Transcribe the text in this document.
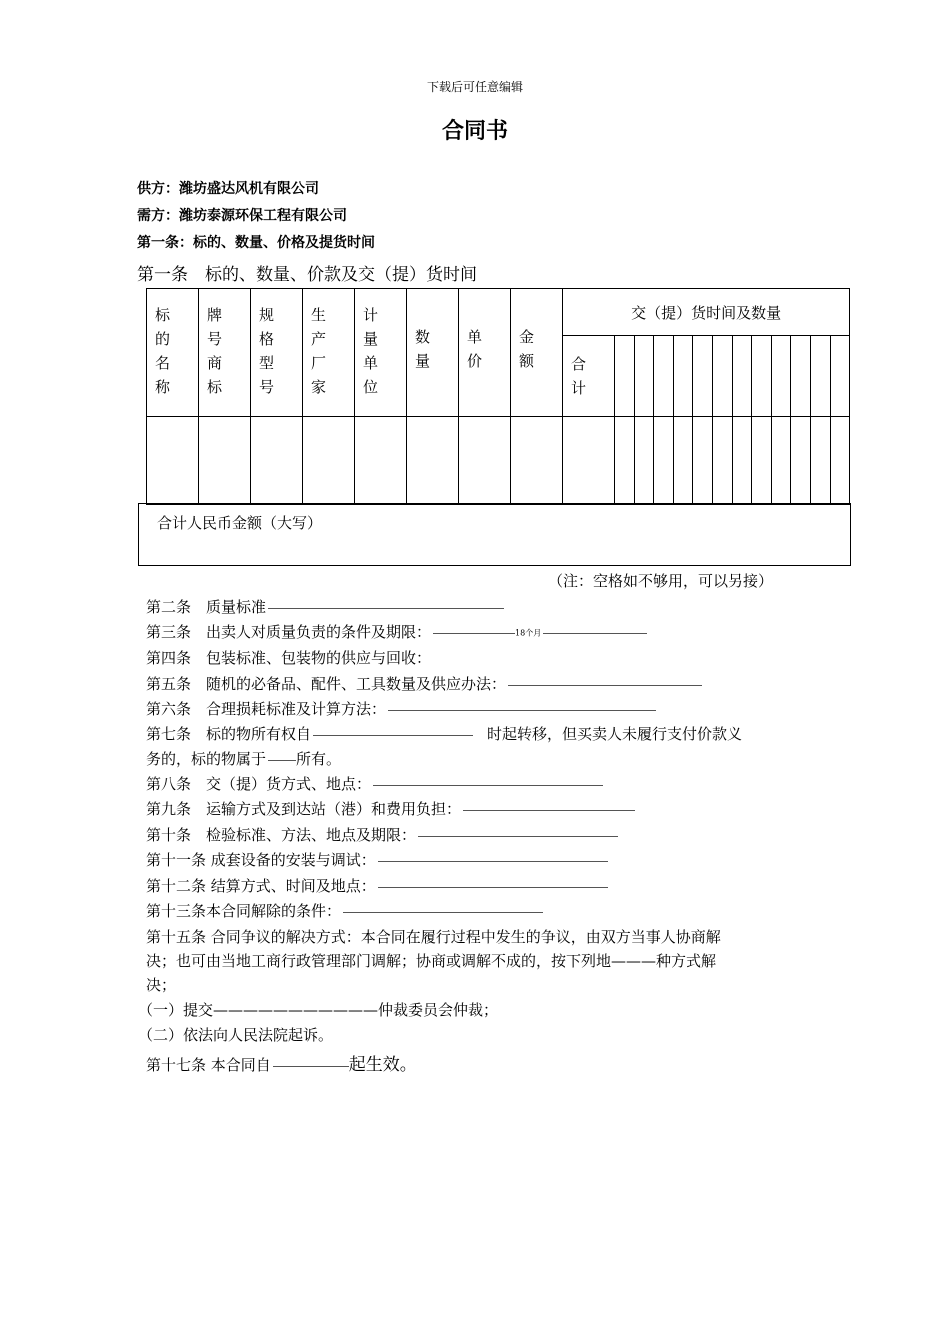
下载后可任意编辑
合同书
供方：潍坊盛达风机有限公司
需方：潍坊泰源环保工程有限公司
第一条：标的、数量、价格及提货时间
第一条　标的、数量、价款及交（提）货时间
标的名称	牌号商标	规格型号	生产厂家	计量单位	数量	单价	金额	交（提）货时间及数量												

								合计												

合计人民币金额（大写）
（注：空格如不够用，可以另接）
第二条　质量标准
第三条　出卖人对质量负责的条件及期限：	18个月
第四条　包装标准、包装物的供应与回收：
第五条　随机的必备品、配件、工具数量及供应办法：
第六条　合理损耗标准及计算方法：
第七条　标的物所有权自	时起转移，但买卖人未履行支付价款义
务的，标的物属于 所有。
第八条　交（提）货方式、地点：
第九条　运输方式及到达站（港）和费用负担：
第十条　检验标准、方法、地点及期限：
第十一条 成套设备的安装与调试：
第十二条 结算方式、时间及地点：
第十三条本合同解除的条件：
第十五条 合同争议的解决方式：本合同在履行过程中发生的争议，由双方当事人协商解
决；也可由当地工商行政管理部门调解；协商或调解不成的，按下列地———种方式解
决；
（一）提交———————————仲裁委员会仲裁；
（二）依法向人民法院起诉。
第十七条 本合同自	起生效。
